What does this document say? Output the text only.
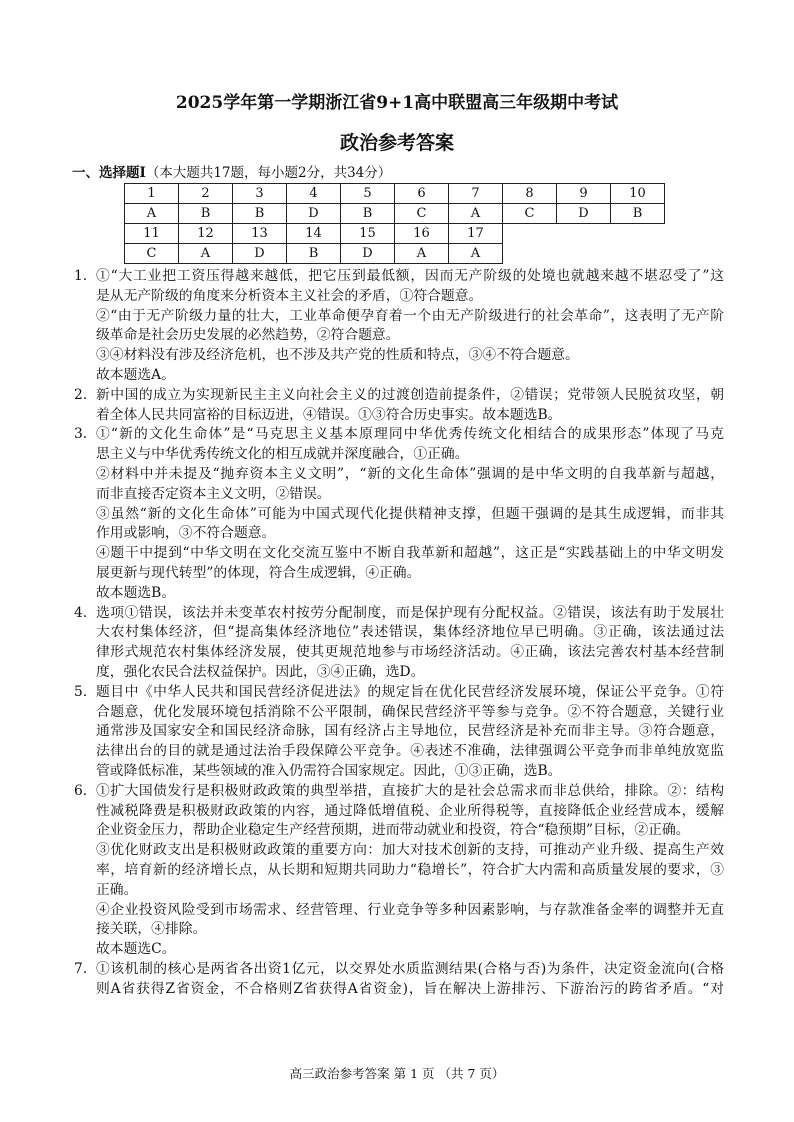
2025学年第一学期浙江省9+1高中联盟高三年级期中考试
政治参考答案
一、选择题Ⅰ（本大题共17题，每小题2分，共34分）
1	2	3	4	5	6	7	8	9	10
A	B	B	D	B	C	A	C	D	B
11	12	13	14	15	16	17			
C	A	D	B	D	A	A			
1. ①“大工业把工资压得越来越低，把它压到最低额，因而无产阶级的处境也就越来越不堪忍受了”这
是从无产阶级的角度来分析资本主义社会的矛盾，①符合题意。
②“由于无产阶级力量的壮大，工业革命便孕育着一个由无产阶级进行的社会革命”，这表明了无产阶
级革命是社会历史发展的必然趋势，②符合题意。
③④材料没有涉及经济危机，也不涉及共产党的性质和特点，③④不符合题意。
故本题选A。
2. 新中国的成立为实现新民主主义向社会主义的过渡创造前提条件，②错误；党带领人民脱贫攻坚，朝
着全体人民共同富裕的目标迈进，④错误。①③符合历史事实。故本题选B。
3. ①“新的文化生命体”是“马克思主义基本原理同中华优秀传统文化相结合的成果形态”体现了马克
思主义与中华优秀传统文化的相互成就并深度融合，①正确。
②材料中并未提及“抛弃资本主义文明”，“新的文化生命体”强调的是中华文明的自我革新与超越，
而非直接否定资本主义文明，②错误。
③虽然“新的文化生命体”可能为中国式现代化提供精神支撑，但题干强调的是其生成逻辑，而非其
作用或影响，③不符合题意。
④题干中提到“中华文明在文化交流互鉴中不断自我革新和超越”，这正是“实践基础上的中华文明发
展更新与现代转型”的体现，符合生成逻辑，④正确。
故本题选B。
4. 选项①错误，该法并未变革农村按劳分配制度，而是保护现有分配权益。②错误，该法有助于发展壮
大农村集体经济，但“提高集体经济地位”表述错误，集体经济地位早已明确。③正确，该法通过法
律形式规范农村集体经济发展，使其更规范地参与市场经济活动。④正确，该法完善农村基本经营制
度，强化农民合法权益保护。因此，③④正确，选D。
5. 题目中《中华人民共和国民营经济促进法》的规定旨在优化民营经济发展环境，保证公平竞争。①符
合题意，优化发展环境包括消除不公平限制，确保民营经济平等参与竞争。②不符合题意，关键行业
通常涉及国家安全和国民经济命脉，国有经济占主导地位，民营经济是补充而非主导。③符合题意，
法律出台的目的就是通过法治手段保障公平竞争。④表述不准确，法律强调公平竞争而非单纯放宽监
管或降低标准，某些领域的准入仍需符合国家规定。因此，①③正确，选B。
6. ①扩大国债发行是积极财政政策的典型举措，直接扩大的是社会总需求而非总供给，排除。②：结构
性减税降费是积极财政政策的内容，通过降低增值税、企业所得税等，直接降低企业经营成本，缓解
企业资金压力，帮助企业稳定生产经营预期，进而带动就业和投资，符合“稳预期”目标，②正确。
③优化财政支出是积极财政政策的重要方向：加大对技术创新的支持，可推动产业升级、提高生产效
率，培育新的经济增长点，从长期和短期共同助力“稳增长”，符合扩大内需和高质量发展的要求，③
正确。
④企业投资风险受到市场需求、经营管理、行业竞争等多种因素影响，与存款准备金率的调整并无直
接关联，④排除。
故本题选C。
7. ①该机制的核心是两省各出资1亿元，以交界处水质监测结果(合格与否)为条件，决定资金流向(合格
则A省获得Z省资金，不合格则Z省获得A省资金)，旨在解决上游排污、下游治污的跨省矛盾。“对
高三政治参考答案 第 1 页 （共 7 页）
